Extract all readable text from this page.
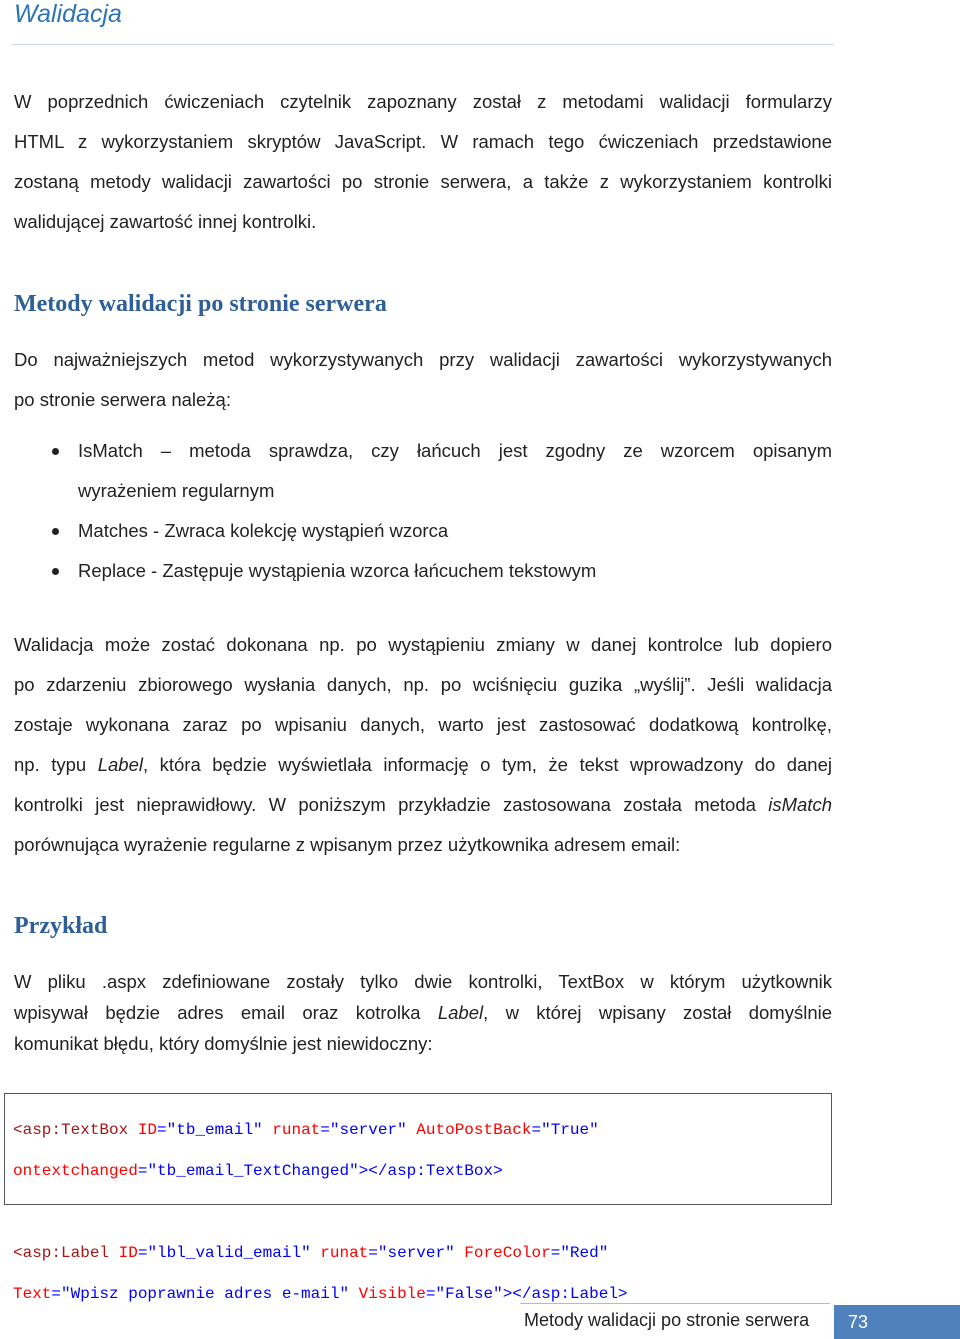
Walidacja
W poprzednich ćwiczeniach czytelnik zapoznany został z metodami walidacji formularzy
HTML z wykorzystaniem skryptów JavaScript. W ramach tego ćwiczeniach przedstawione
zostaną metody walidacji zawartości po stronie serwera, a także z wykorzystaniem kontrolki
walidującej zawartość innej kontrolki.
Metody walidacji po stronie serwera
Do najważniejszych metod wykorzystywanych przy walidacji zawartości wykorzystywanych
po stronie serwera należą:
IsMatch – metoda sprawdza, czy łańcuch jest zgodny ze wzorcem opisanym
wyrażeniem regularnym
Matches - Zwraca kolekcję wystąpień wzorca
Replace - Zastępuje wystąpienia wzorca łańcuchem tekstowym
Walidacja może zostać dokonana np. po wystąpieniu zmiany w danej kontrolce lub dopiero
po zdarzeniu zbiorowego wysłania danych, np. po wciśnięciu guzika „wyślij”. Jeśli walidacja
zostaje wykonana zaraz po wpisaniu danych, warto jest zastosować dodatkową kontrolkę,
np. typu Label, która będzie wyświetlała informację o tym, że tekst wprowadzony do danej
kontrolki jest nieprawidłowy. W poniższym przykładzie zastosowana została metoda isMatch
porównująca wyrażenie regularne z wpisanym przez użytkownika adresem email:
Przykład
W pliku .aspx zdefiniowane zostały tylko dwie kontrolki, TextBox w którym użytkownik
wpisywał będzie adres email oraz kotrolka Label, w której wpisany został domyślnie
komunikat błędu, który domyślnie jest niewidoczny:

<asp:TextBox ID="tb_email" runat="server" AutoPostBack="True"

ontextchanged="tb_email_TextChanged"></asp:TextBox>

<asp:Label ID="lbl_valid_email" runat="server" ForeColor="Red"

Text="Wpisz poprawnie adres e-mail" Visible="False"></asp:Label>

Metody walidacji po stronie serwera	73
